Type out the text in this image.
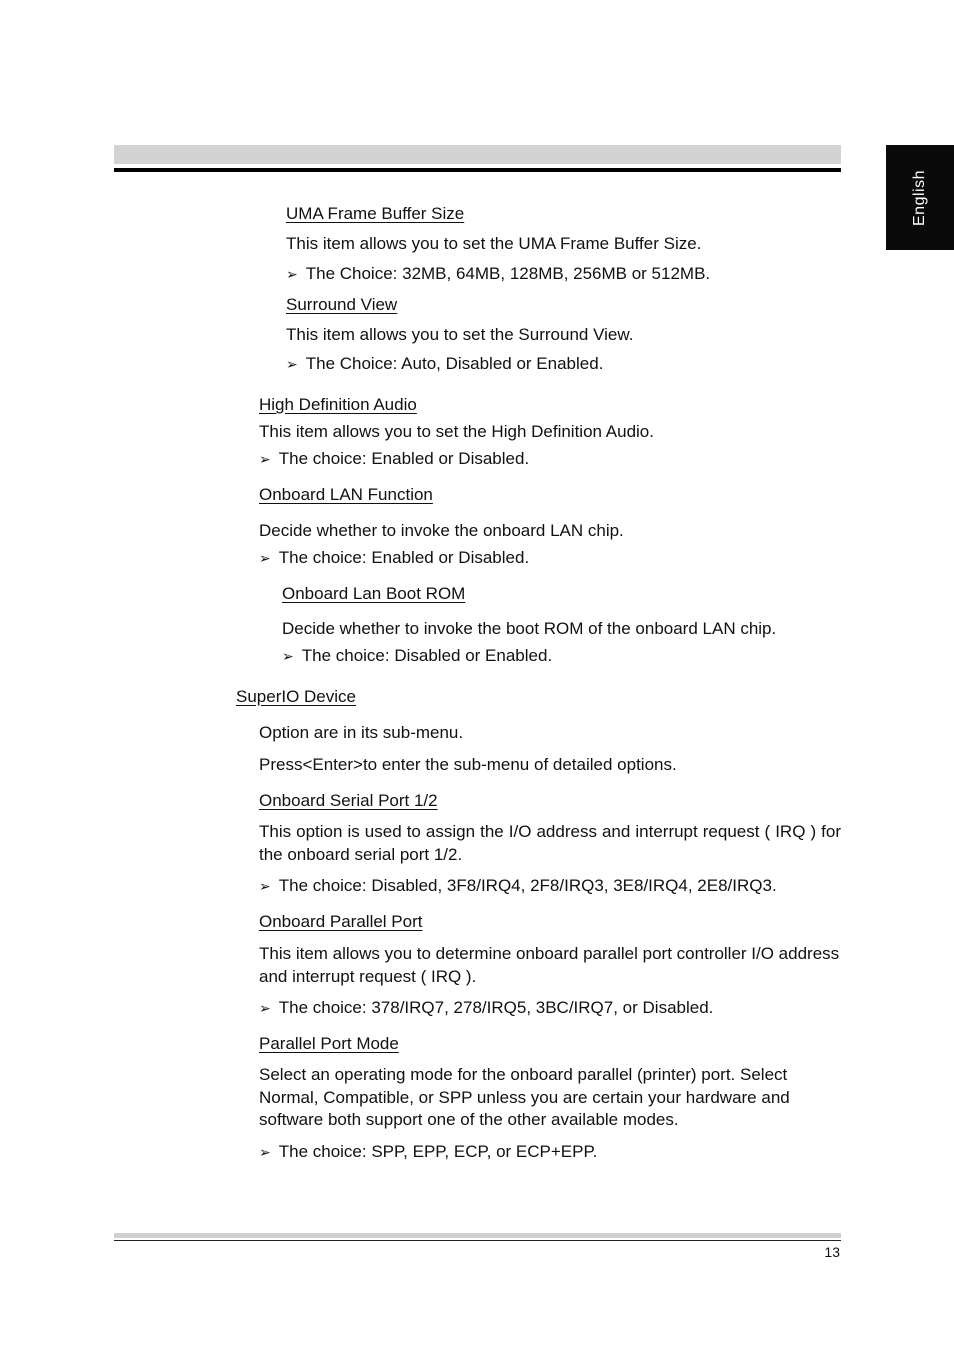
English
UMA Frame Buffer Size
This item allows you to set the UMA Frame Buffer Size.
➢ The Choice: 32MB, 64MB, 128MB, 256MB or 512MB.
Surround View
This item allows you to set the Surround View.
➢ The Choice: Auto, Disabled or Enabled.
High Definition Audio
This item allows you to set the High Definition Audio.
➢ The choice: Enabled or Disabled.
Onboard LAN Function
Decide whether to invoke the onboard LAN chip.
➢ The choice: Enabled or Disabled.
Onboard Lan Boot ROM
Decide whether to invoke the boot ROM of the onboard LAN chip.
➢ The choice: Disabled or Enabled.
SuperIO Device
Option are in its sub-menu.
Press<Enter>to enter the sub-menu of detailed options.
Onboard Serial Port 1/2
This option is used to assign the I/O address and interrupt request ( IRQ ) for the onboard serial port 1/2.
➢ The choice: Disabled, 3F8/IRQ4, 2F8/IRQ3, 3E8/IRQ4, 2E8/IRQ3.
Onboard Parallel Port
This item allows you to determine onboard parallel port controller I/O address and interrupt request ( IRQ ).
➢ The choice: 378/IRQ7, 278/IRQ5, 3BC/IRQ7, or Disabled.
Parallel Port Mode
Select an operating mode for the onboard parallel (printer) port. Select Normal, Compatible, or SPP unless you are certain your hardware and software both support one of the other available modes.
➢ The choice: SPP, EPP, ECP, or ECP+EPP.
13
